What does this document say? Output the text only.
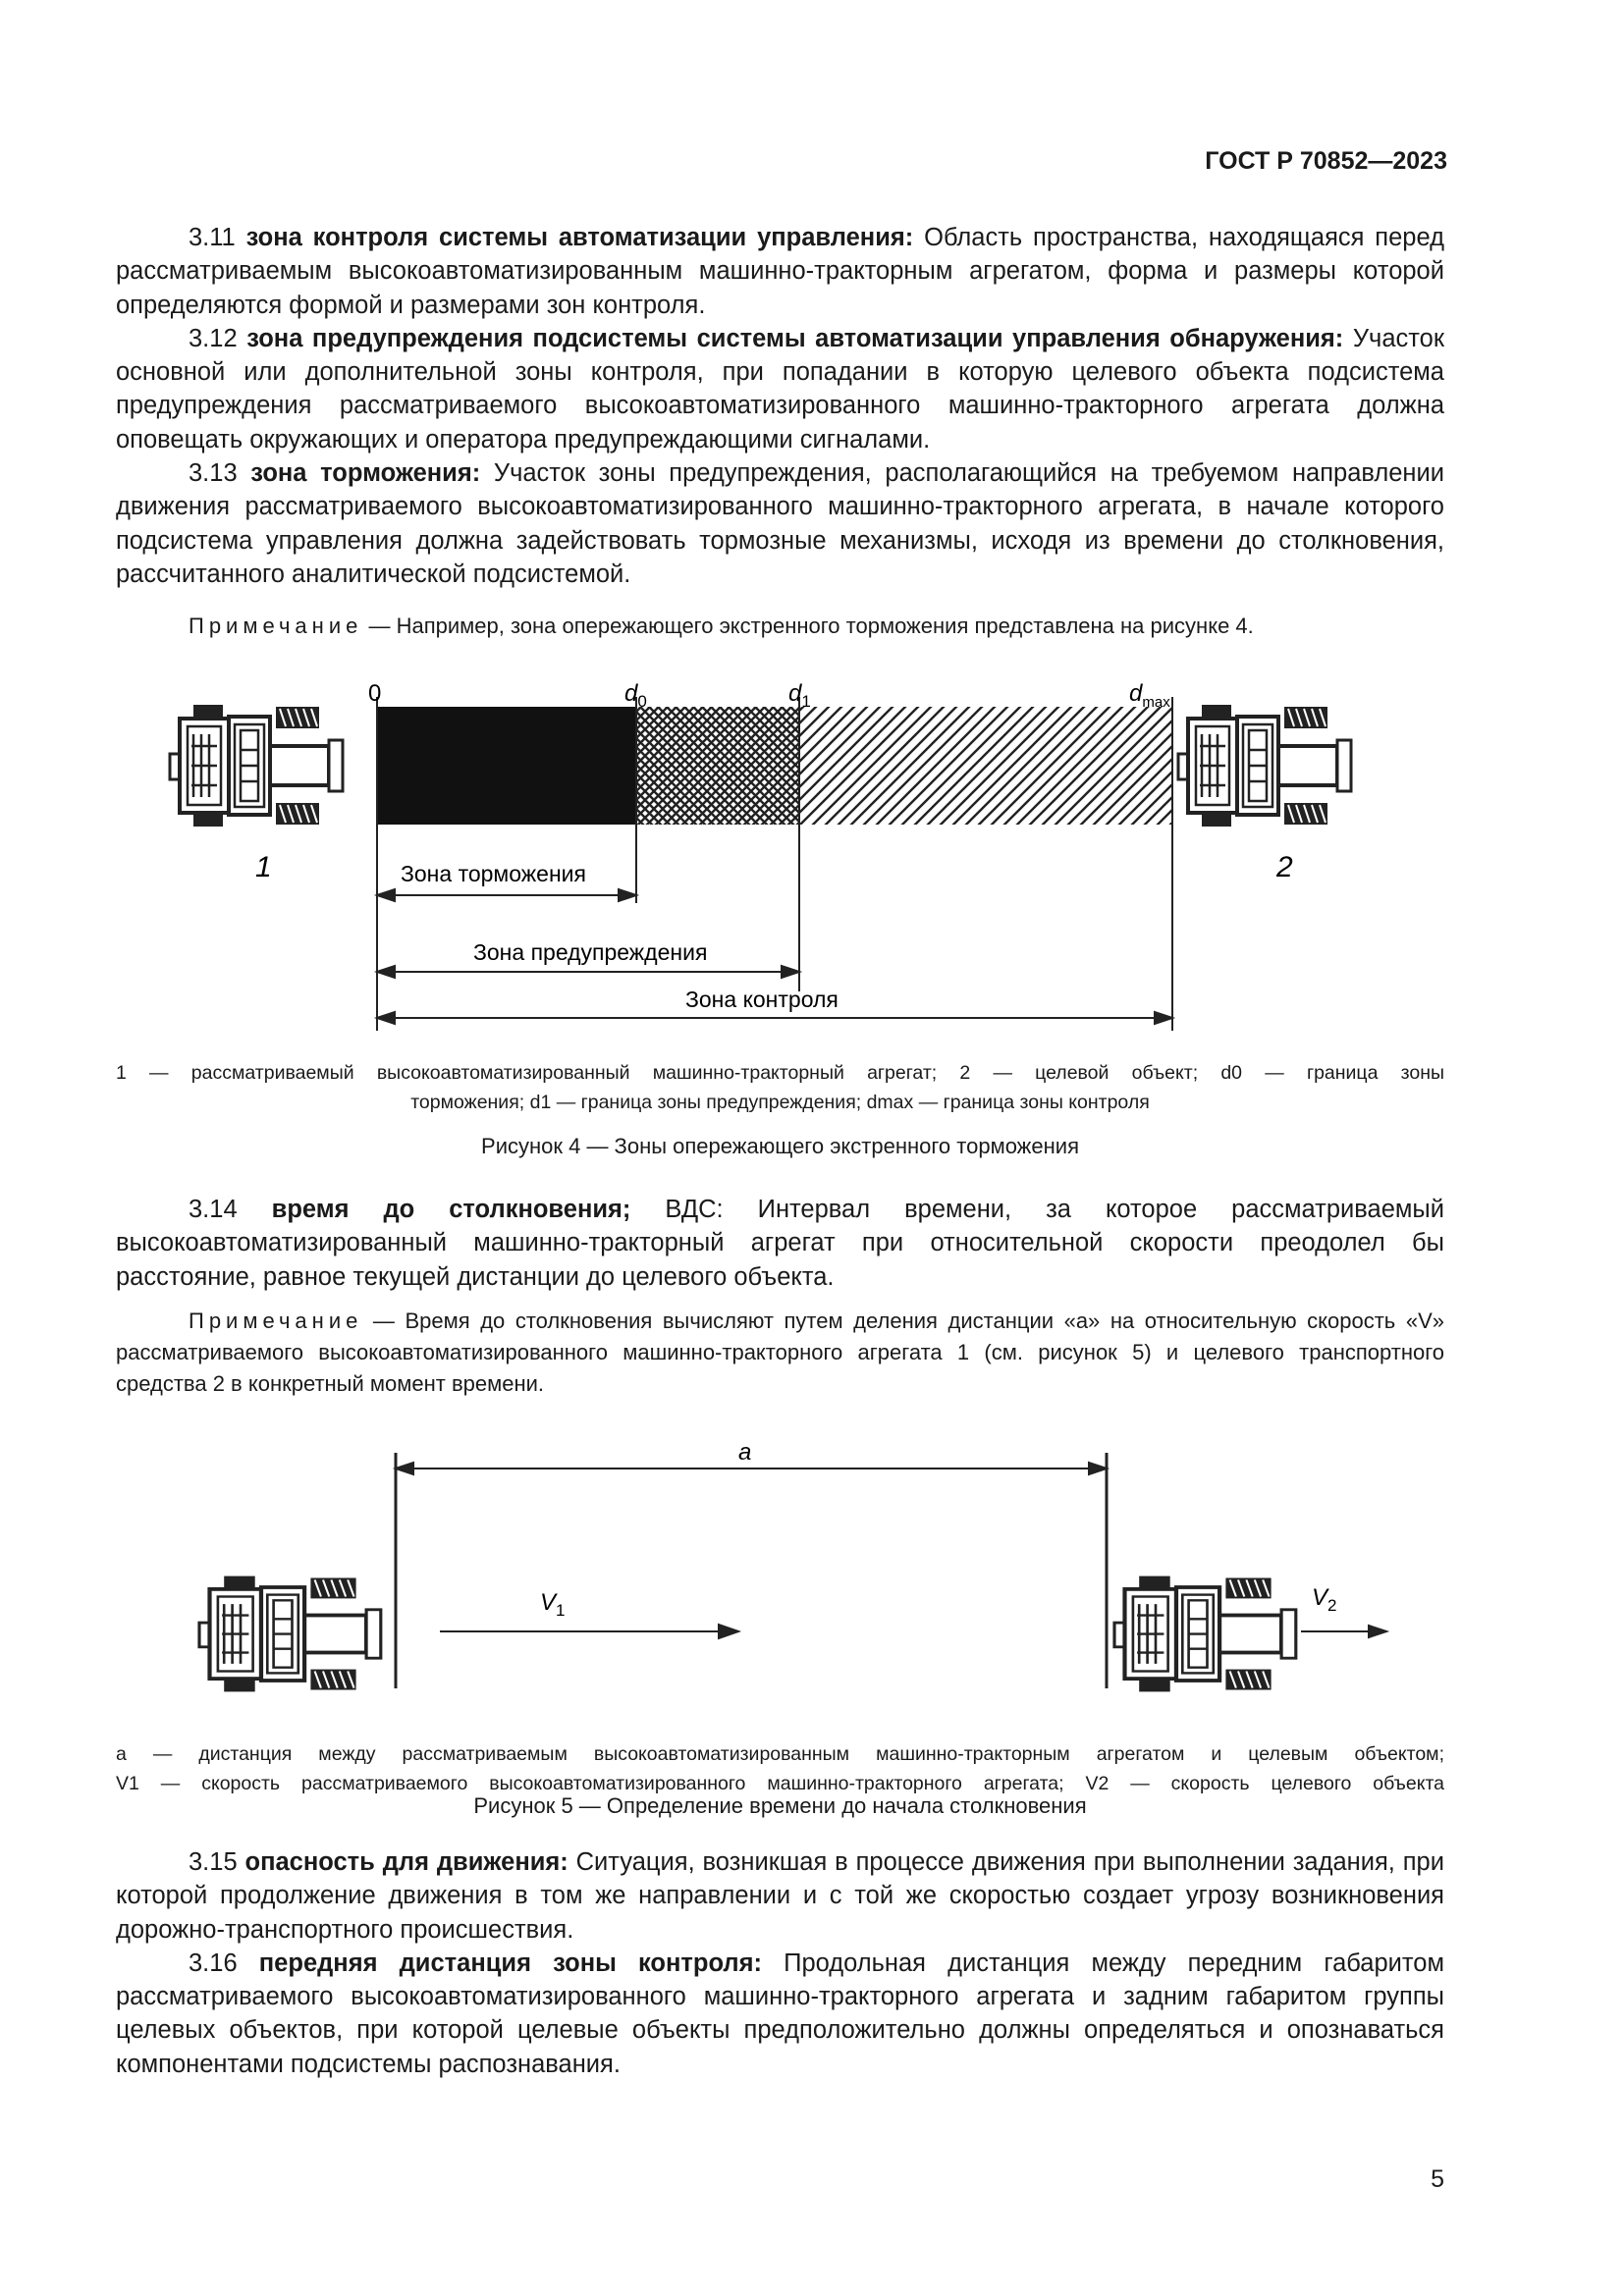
ГОСТ Р 70852—2023

3.11 зона контроля системы автоматизации управления: Область пространства, находящаяся перед рассматриваемым высокоавтоматизированным машинно-тракторным агрегатом, форма и размеры которой определяются формой и размерами зон контроля.

3.12 зона предупреждения подсистемы системы автоматизации управления обнаружения: Участок основной или дополнительной зоны контроля, при попадании в которую целевого объекта подсистема предупреждения рассматриваемого высокоавтоматизированного машинно-тракторного агрегата должна оповещать окружающих и оператора предупреждающими сигналами.

3.13 зона торможения: Участок зоны предупреждения, располагающийся на требуемом направлении движения рассматриваемого высокоавтоматизированного машинно-тракторного агрегата, в начале которого подсистема управления должна задействовать тормозные механизмы, исходя из времени до столкновения, рассчитанного аналитической подсистемой.

Примечание — Например, зона опережающего экстренного торможения представлена на рисунке 4.

0	$d_0$	$d_1$	$d_{max}$
1	2
Зона торможения
Зона предупреждения
Зона контроля
1 — рассматриваемый высокоавтоматизированный машинно-тракторный агрегат; 2 — целевой объект; d0 — граница зоны
торможения; d1 — граница зоны предупреждения; dmax — граница зоны контроля
Рисунок 4 — Зоны опережающего экстренного торможения

3.14 время до столкновения; ВДС: Интервал времени, за которое рассматриваемый высокоавтоматизированный машинно-тракторный агрегат при относительной скорости преодолел бы расстояние, равное текущей дистанции до целевого объекта.

Примечание — Время до столкновения вычисляют путем деления дистанции «а» на относительную скорость «V» рассматриваемого высокоавтоматизированного машинно-тракторного агрегата 1 (см. рисунок 5) и целевого транспортного средства 2 в конкретный момент времени.

a
$V_1$	$V_2$
a — дистанция между рассматриваемым высокоавтоматизированным машинно-тракторным агрегатом и целевым объектом;
V1 — скорость рассматриваемого высокоавтоматизированного машинно-тракторного агрегата; V2 — скорость целевого объекта
Рисунок 5 — Определение времени до начала столкновения

3.15 опасность для движения: Ситуация, возникшая в процессе движения при выполнении задания, при которой продолжение движения в том же направлении и с той же скоростью создает угрозу возникновения дорожно-транспортного происшествия.

3.16 передняя дистанция зоны контроля: Продольная дистанция между передним габаритом рассматриваемого высокоавтоматизированного машинно-тракторного агрегата и задним габаритом группы целевых объектов, при которой целевые объекты предположительно должны определяться и опознаваться компонентами подсистемы распознавания.

5
